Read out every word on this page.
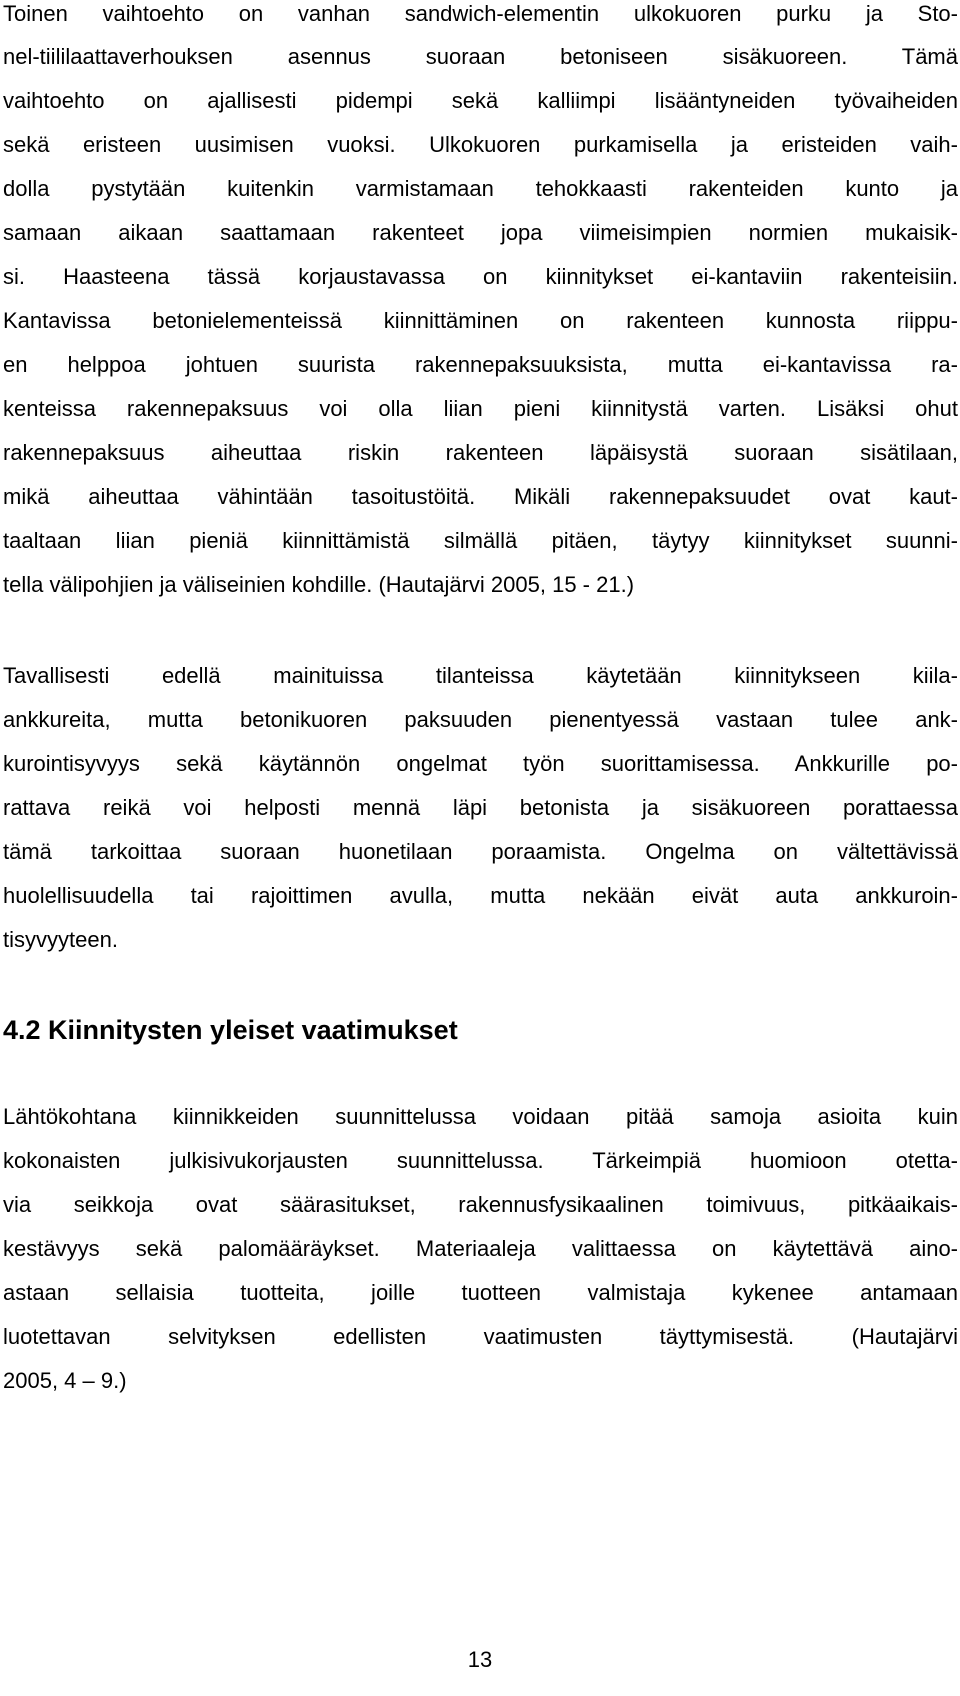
Toinen vaihtoehto on vanhan sandwich-elementin ulkokuoren purku ja Sto-
nel-tiililaattaverhouksen asennus suoraan betoniseen sisäkuoreen. Tämä
vaihtoehto on ajallisesti pidempi sekä kalliimpi lisääntyneiden työvaiheiden
sekä eristeen uusimisen vuoksi. Ulkokuoren purkamisella ja eristeiden vaih-
dolla pystytään kuitenkin varmistamaan tehokkaasti rakenteiden kunto ja
samaan aikaan saattamaan rakenteet jopa viimeisimpien normien mukaisik-
si. Haasteena tässä korjaustavassa on kiinnitykset ei-kantaviin rakenteisiin.
Kantavissa betonielementeissä kiinnittäminen on rakenteen kunnosta riippu-
en helppoa johtuen suurista rakennepaksuuksista, mutta ei-kantavissa ra-
kenteissa rakennepaksuus voi olla liian pieni kiinnitystä varten. Lisäksi ohut
rakennepaksuus aiheuttaa riskin rakenteen läpäisystä suoraan sisätilaan,
mikä aiheuttaa vähintään tasoitustöitä. Mikäli rakennepaksuudet ovat kaut-
taaltaan liian pieniä kiinnittämistä silmällä pitäen, täytyy kiinnitykset suunni-
tella välipohjien ja väliseinien kohdille. (Hautajärvi 2005, 15 - 21.)
Tavallisesti edellä mainituissa tilanteissa käytetään kiinnitykseen kiila-
ankkureita, mutta betonikuoren paksuuden pienentyessä vastaan tulee ank-
kurointisyvyys sekä käytännön ongelmat työn suorittamisessa. Ankkurille po-
rattava reikä voi helposti mennä läpi betonista ja sisäkuoreen porattaessa
tämä tarkoittaa suoraan huonetilaan poraamista. Ongelma on vältettävissä
huolellisuudella tai rajoittimen avulla, mutta nekään eivät auta ankkuroin-
tisyvyyteen.
4.2 Kiinnitysten yleiset vaatimukset
Lähtökohtana kiinnikkeiden suunnittelussa voidaan pitää samoja asioita kuin
kokonaisten julkisivukorjausten suunnittelussa. Tärkeimpiä huomioon otetta-
via seikkoja ovat säärasitukset, rakennusfysikaalinen toimivuus, pitkäaikais-
kestävyys sekä palomääräykset. Materiaaleja valittaessa on käytettävä aino-
astaan sellaisia tuotteita, joille tuotteen valmistaja kykenee antamaan
luotettavan selvityksen edellisten vaatimusten täyttymisestä. (Hautajärvi
2005, 4 – 9.)
13
